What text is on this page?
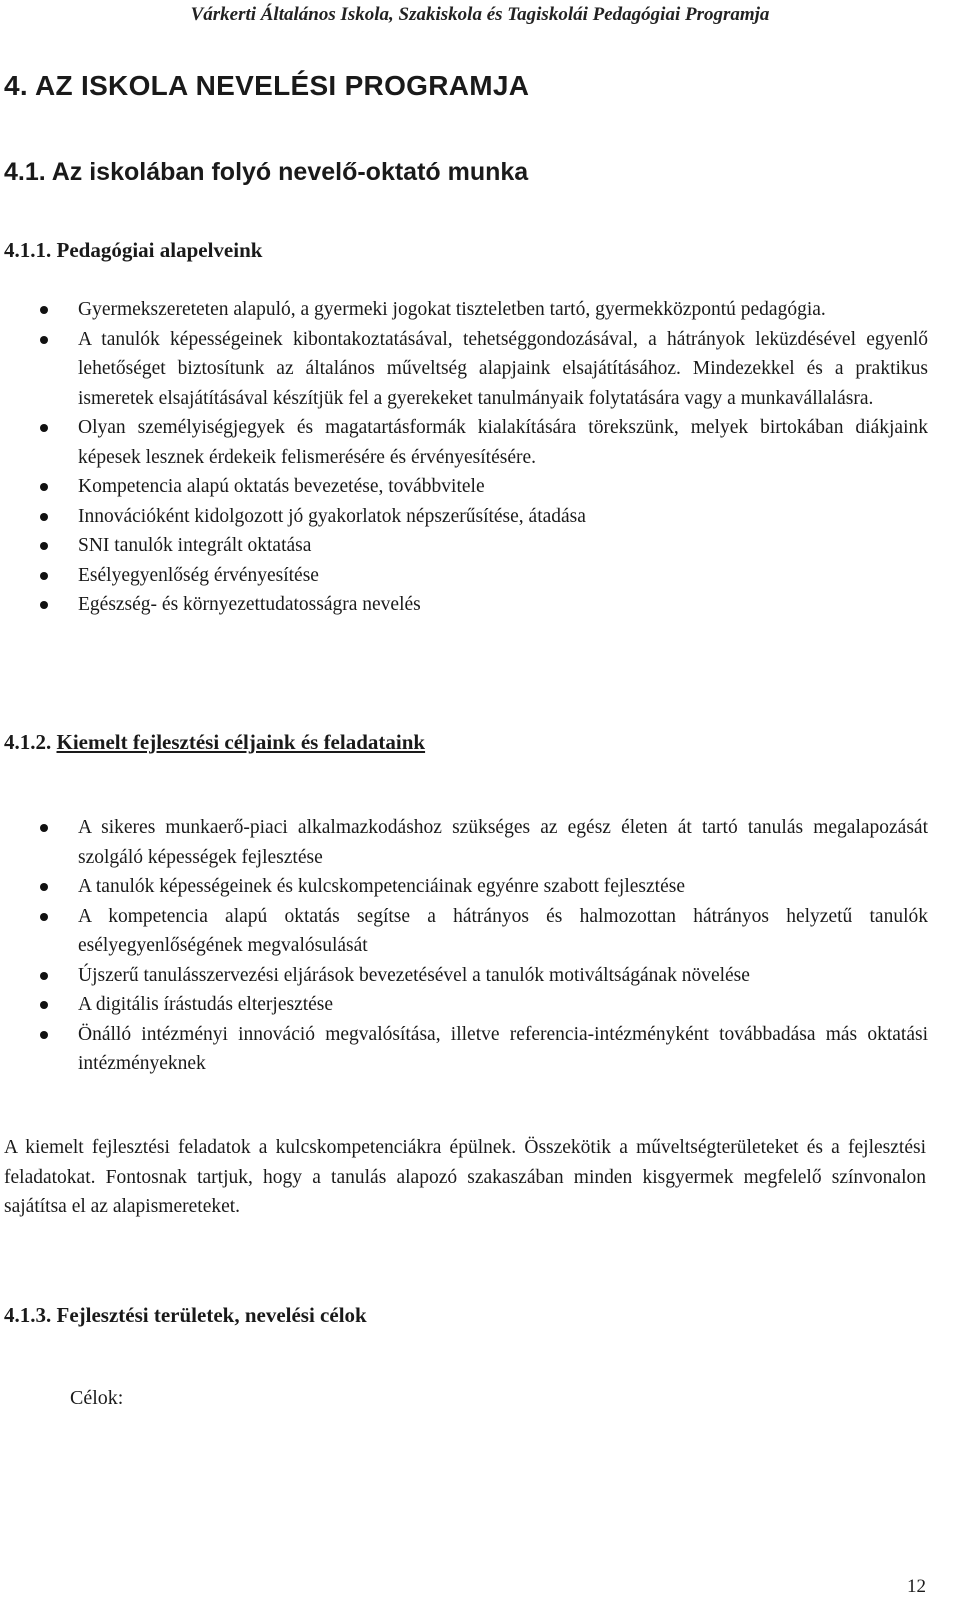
Várkerti Általános Iskola, Szakiskola és Tagiskolái Pedagógiai Programja
4. AZ ISKOLA NEVELÉSI PROGRAMJA
4.1. Az iskolában folyó nevelő-oktató munka
4.1.1. Pedagógiai alapelveink
Gyermekszereteten alapuló, a gyermeki jogokat tiszteletben tartó, gyermekközpontú pedagógia.
A tanulók képességeinek kibontakoztatásával, tehetséggondozásával, a hátrányok leküzdésével egyenlő lehetőséget biztosítunk az általános műveltség alapjaink elsajátításához. Mindezekkel és a praktikus ismeretek elsajátításával készítjük fel a gyerekeket tanulmányaik folytatására vagy a munkavállalásra.
Olyan személyiségjegyek és magatartásformák kialakítására törekszünk, melyek birtokában diákjaink képesek lesznek érdekeik felismerésére és érvényesítésére.
Kompetencia alapú oktatás bevezetése, továbbvitele
Innovációként kidolgozott jó gyakorlatok népszerűsítése, átadása
SNI tanulók integrált oktatása
Esélyegyenlőség érvényesítése
Egészség- és környezettudatosságra nevelés
4.1.2. Kiemelt fejlesztési céljaink és feladataink
A sikeres munkaerő-piaci alkalmazkodáshoz szükséges az egész életen át tartó tanulás megalapozását szolgáló képességek fejlesztése
A tanulók képességeinek és kulcskompetenciáinak egyénre szabott fejlesztése
A kompetencia alapú oktatás segítse a hátrányos és halmozottan hátrányos helyzetű tanulók esélyegyenlőségének megvalósulását
Újszerű tanulásszervezési eljárások bevezetésével a tanulók motiváltságának növelése
A digitális írástudás elterjesztése
Önálló intézményi innováció megvalósítása, illetve referencia-intézményként továbbadása más oktatási intézményeknek
A kiemelt fejlesztési feladatok a kulcskompetenciákra épülnek. Összekötik a műveltségterületeket és a fejlesztési feladatokat. Fontosnak tartjuk, hogy a tanulás alapozó szakaszában minden kisgyermek megfelelő színvonalon sajátítsa el az alapismereteket.
4.1.3. Fejlesztési területek, nevelési célok
Célok:
12
